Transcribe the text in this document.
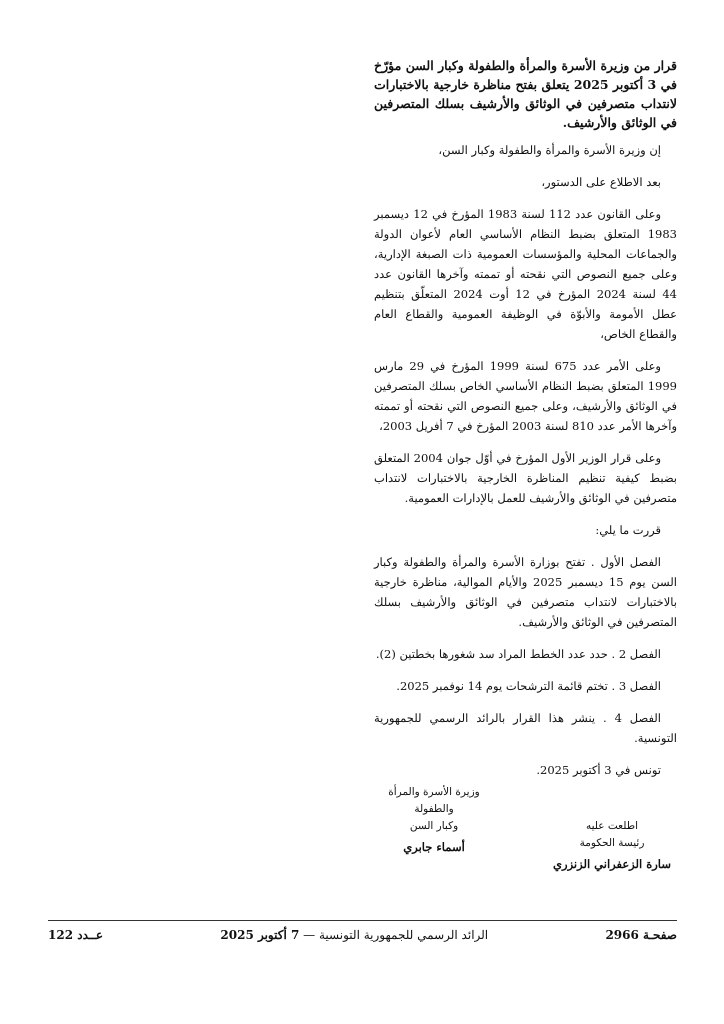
قرار من وزيرة الأسرة والمرأة والطفولة وكبار السن مؤرّخ في 3 أكتوبر 2025 يتعلق بفتح مناظرة خارجية بالاختبارات لانتداب متصرفين في الوثائق والأرشيف بسلك المتصرفين في الوثائق والأرشيف.

إن وزيرة الأسرة والمرأة والطفولة وكبار السن،

بعد الاطلاع على الدستور،

وعلى القانون عدد 112 لسنة 1983 المؤرخ في 12 ديسمبر 1983 المتعلق بضبط النظام الأساسي العام لأعوان الدولة والجماعات المحلية والمؤسسات العمومية ذات الصبغة الإدارية، وعلى جميع النصوص التي نقحته أو تممته وآخرها القانون عدد 44 لسنة 2024 المؤرخ في 12 أوت 2024 المتعلّق بتنظيم عطل الأمومة والأبوّة في الوظيفة العمومية والقطاع العام والقطاع الخاص،

وعلى الأمر عدد 675 لسنة 1999 المؤرخ في 29 مارس 1999 المتعلق بضبط النظام الأساسي الخاص بسلك المتصرفين في الوثائق والأرشيف، وعلى جميع النصوص التي نقحته أو تممته وآخرها الأمر عدد 810 لسنة 2003 المؤرخ في 7 أفريل 2003،

وعلى قرار الوزير الأول المؤرخ في أوّل جوان 2004 المتعلق بضبط كيفية تنظيم المناظرة الخارجية بالاختبارات لانتداب متصرفين في الوثائق والأرشيف للعمل بالإدارات العمومية.

قررت ما يلي:

الفصل الأول . تفتح بوزارة الأسرة والمرأة والطفولة وكبار السن يوم 15 ديسمبر 2025 والأيام الموالية، مناظرة خارجية بالاختبارات لانتداب متصرفين في الوثائق والأرشيف بسلك المتصرفين في الوثائق والأرشيف.

الفصل 2 . حدد عدد الخطط المراد سد شغورها بخطتين (2).

الفصل 3 . تختم قائمة الترشحات يوم 14 نوفمبر 2025.

الفصل 4 . ينشر هذا القرار بالرائد الرسمي للجمهورية التونسية.

تونس في 3 أكتوبر 2025.

وزيرة الأسرة والمرأة والطفولة
وكبار السن
أسماء جابري
اطلعت عليه
رئيسة الحكومة
سارة الزعفراني الزنزري
صفحـة 2966
الرائد الرسمي للجمهورية التونسية — 7 أكتوبر 2025
عــدد 122
